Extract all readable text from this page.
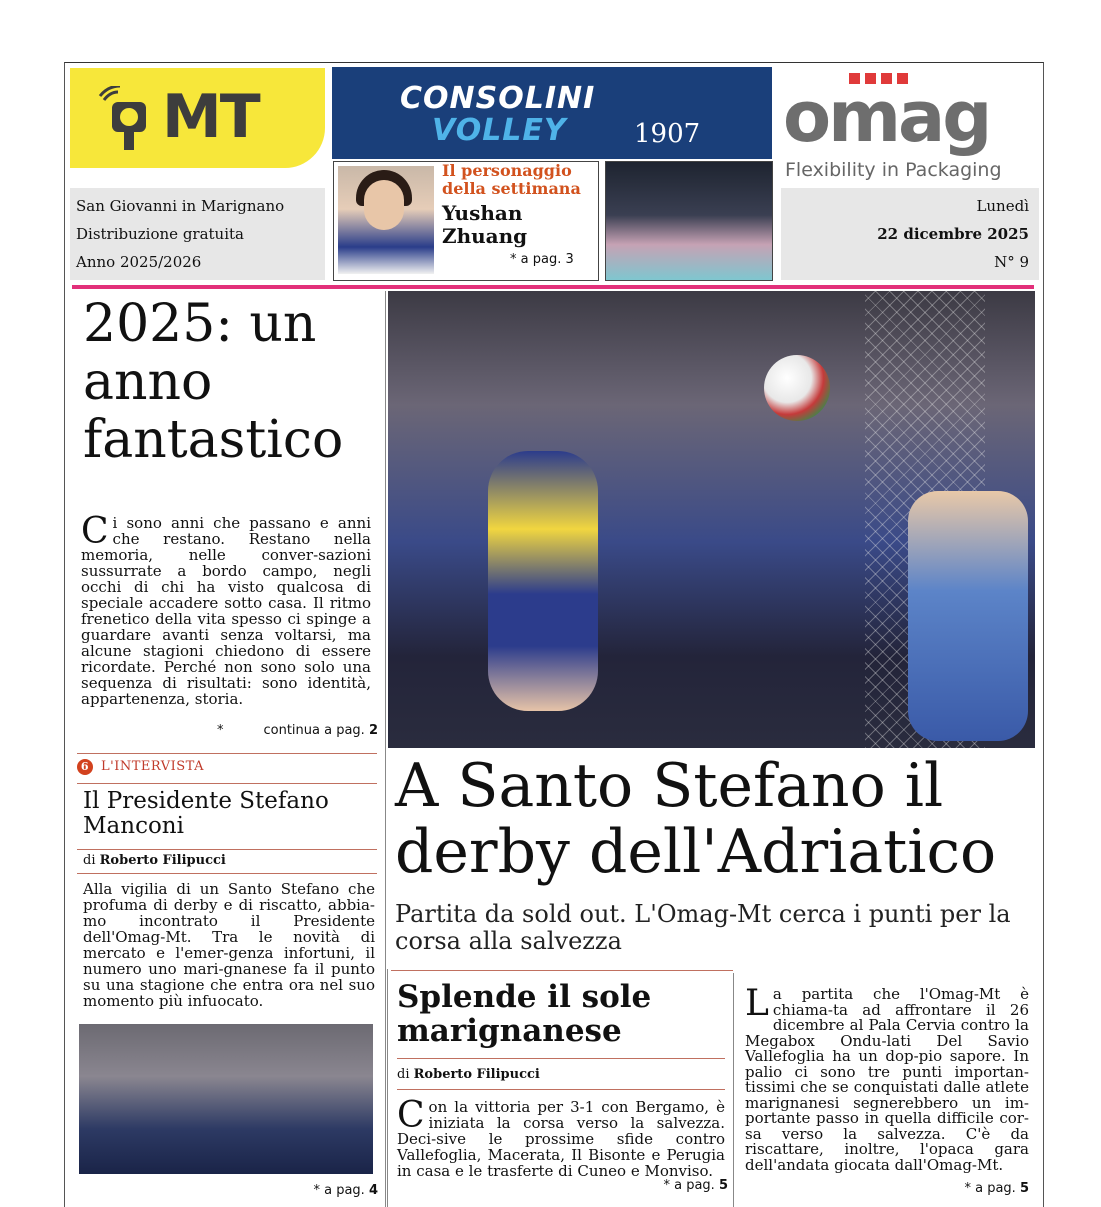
MT
San Giovanni in Marignano
Distribuzione gratuita
Anno 2025/2026
CONSOLINI
VOLLEY	1907
Il personaggio della settimana
Yushan Zhuang
* a pag. 3
omag
Flexibility in Packaging
Lunedì
22 dicembre 2025
N° 9
2025: un anno fantastico
Ci sono anni che passano e anni che restano. Restano nella memoria, nelle conver-sazioni sussurrate a bordo campo, negli occhi di chi ha visto qualcosa di speciale accadere sotto casa. Il ritmo frenetico della vita spesso ci spinge a guardare avanti senza voltarsi, ma alcune stagioni chiedono di essere ricordate. Perché non sono solo una sequenza di risultati: sono identità, appartenenza, storia.
*	continua a pag. 2
6 L'INTERVISTA
Il Presidente Stefano Manconi
di Roberto Filipucci
Alla vigilia di un Santo Stefano che profuma di derby e di riscatto, abbia-mo incontrato il Presidente dell'Omag-Mt. Tra le novità di mercato e l'emer-genza infortuni, il numero uno mari-gnanese fa il punto su una stagione che entra ora nel suo momento più infuocato.
* a pag. 4
A Santo Stefano il derby dell'Adriatico
Partita da sold out. L'Omag-Mt cerca i punti per la corsa alla salvezza
Splende il sole marignanese
di Roberto Filipucci
Con la vittoria per 3-1 con Bergamo, è iniziata la corsa verso la salvezza. Deci-sive le prossime sfide contro Vallefoglia, Macerata, Il Bisonte e Perugia in casa e le trasferte di Cuneo e Monviso.
* a pag. 5
La partita che l'Omag-Mt è chiama-ta ad affrontare il 26 dicembre al Pala Cervia contro la Megabox Ondu-lati Del Savio Vallefoglia ha un dop-pio sapore. In palio ci sono tre punti importan-tissimi che se conquistati dalle atlete marignanesi segnerebbero un im-portante passo in quella difficile cor-sa verso la salvezza. C'è da riscattare, inoltre, l'opaca gara dell'andata giocata dall'Omag-Mt.
* a pag. 5
